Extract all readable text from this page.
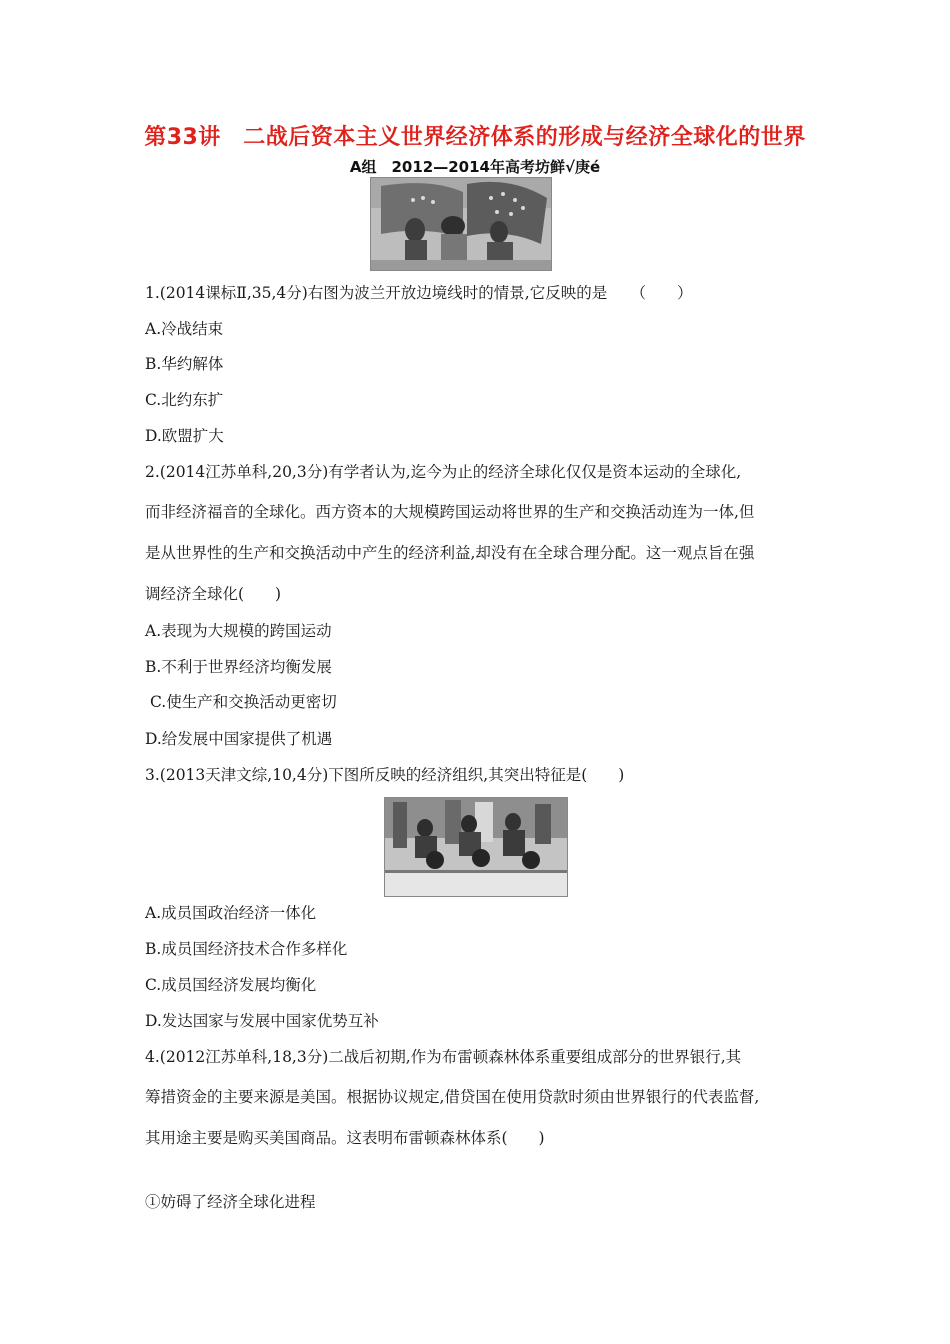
第33讲　二战后资本主义世界经济体系的形成与经济全球化的世界
A组　2012—2014年高考坊鲜√庚é
1.(2014课标Ⅱ,35,4分)右图为波兰开放边境线时的情景,它反映的是　　（　　）
A.冷战结束
B.华约解体
C.北约东扩
D.欧盟扩大
2.(2014江苏单科,20,3分)有学者认为,迄今为止的经济全球化仅仅是资本运动的全球化,
而非经济福音的全球化。西方资本的大规模跨国运动将世界的生产和交换活动连为一体,但
是从世界性的生产和交换活动中产生的经济利益,却没有在全球合理分配。这一观点旨在强
调经济全球化(　　)
A.表现为大规模的跨国运动
B.不利于世界经济均衡发展
C.使生产和交换活动更密切
D.给发展中国家提供了机遇
3.(2013天津文综,10,4分)下图所反映的经济组织,其突出特征是(　　)
A.成员国政治经济一体化
B.成员国经济技术合作多样化
C.成员国经济发展均衡化
D.发达国家与发展中国家优势互补
4.(2012江苏单科,18,3分)二战后初期,作为布雷顿森林体系重要组成部分的世界银行,其
筹措资金的主要来源是美国。根据协议规定,借贷国在使用贷款时须由世界银行的代表监督,
其用途主要是购买美国商品。这表明布雷顿森林体系(　　)
①妨碍了经济全球化进程
